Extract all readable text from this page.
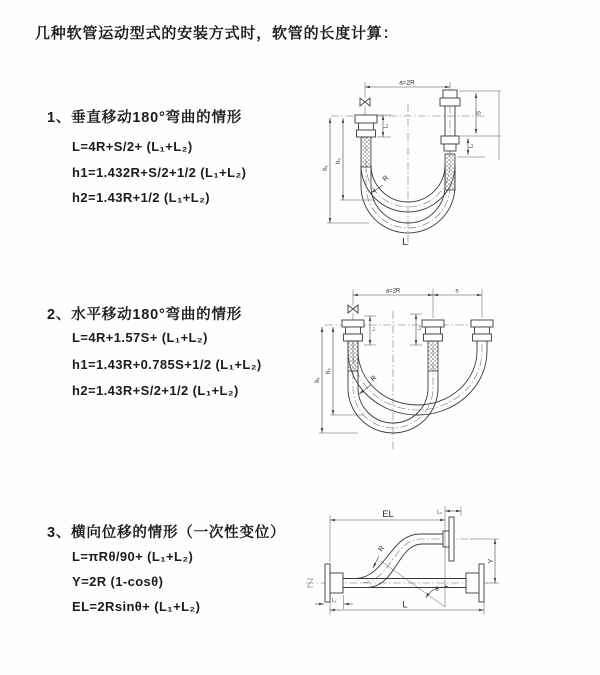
几种软管运动型式的安装方式时，软管的长度计算：
1、垂直移动180°弯曲的情形
L=4R+S/2+ (L₁+L₂)
h1=1.432R+S/2+1/2 (L₁+L₂)
h2=1.43R+1/2 (L₁+L₂)
a=2R
h₁
h₂
L₁
S
L₂
R
L
2、水平移动180°弯曲的情形
L=4R+1.57S+ (L₁+L₂)
h1=1.43R+0.785S+1/2 (L₁+L₂)
h2=1.43R+S/2+1/2 (L₁+L₂)
a=2R	s
h₁
h₂
L₁	L₂
R
3、横向位移的情形（一次性变位）
L=πRθ/90+ (L₁+L₂)
Y=2R (1-cosθ)
EL=2Rsinθ+ (L₁+L₂)
θ
EL	L₂
Y
L
L₁
R
